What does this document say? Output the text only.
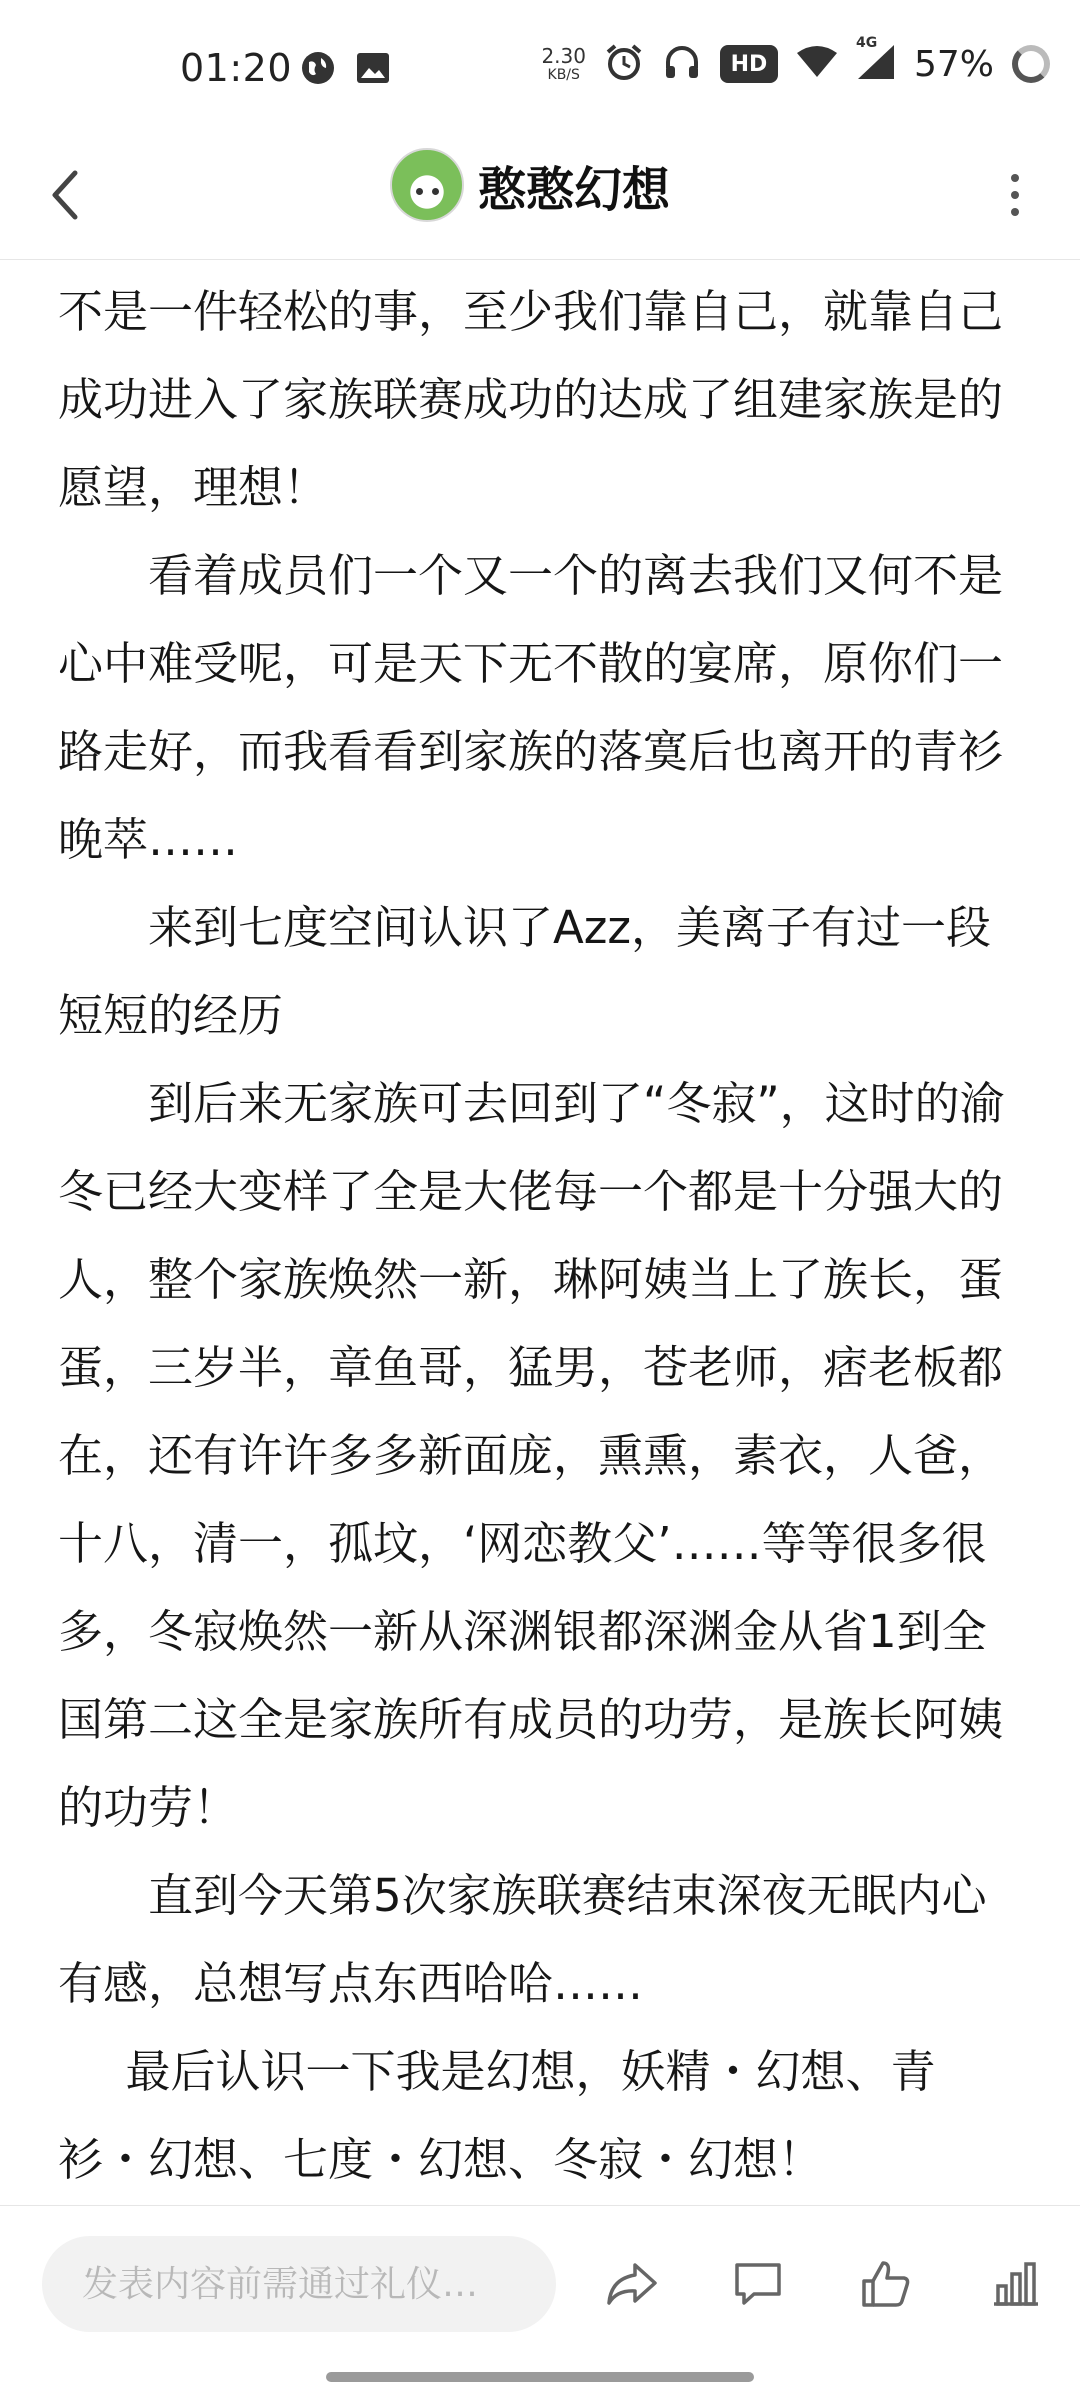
01:20	2.30
KB/S	HD
4G
57%
憨憨幻想

不是一件轻松的事，至少我们靠自己，就靠自己成功进入了家族联赛成功的达成了组建家族是的愿望，理想！

看着成员们一个又一个的离去我们又何不是心中难受呢，可是天下无不散的宴席，原你们一路走好，而我看看到家族的落寞后也离开的青衫晚萃……

来到七度空间认识了Azz，美离子有过一段短短的经历

到后来无家族可去回到了“冬寂”，这时的渝冬已经大变样了全是大佬每一个都是十分强大的人，整个家族焕然一新，琳阿姨当上了族长，蛋蛋，三岁半，章鱼哥，猛男，苍老师，痞老板都在，还有许许多多新面庞，熏熏，素衣，人爸，十八，清一，孤坟，‘网恋教父’……等等很多很多，冬寂焕然一新从深渊银都深渊金从省1到全国第二这全是家族所有成员的功劳，是族长阿姨的功劳！

直到今天第5次家族联赛结束深夜无眠内心有感，总想写点东西哈哈……

最后认识一下我是幻想，妖精・幻想、青衫・幻想、七度・幻想、冬寂・幻想！

发表内容前需通过礼仪…
